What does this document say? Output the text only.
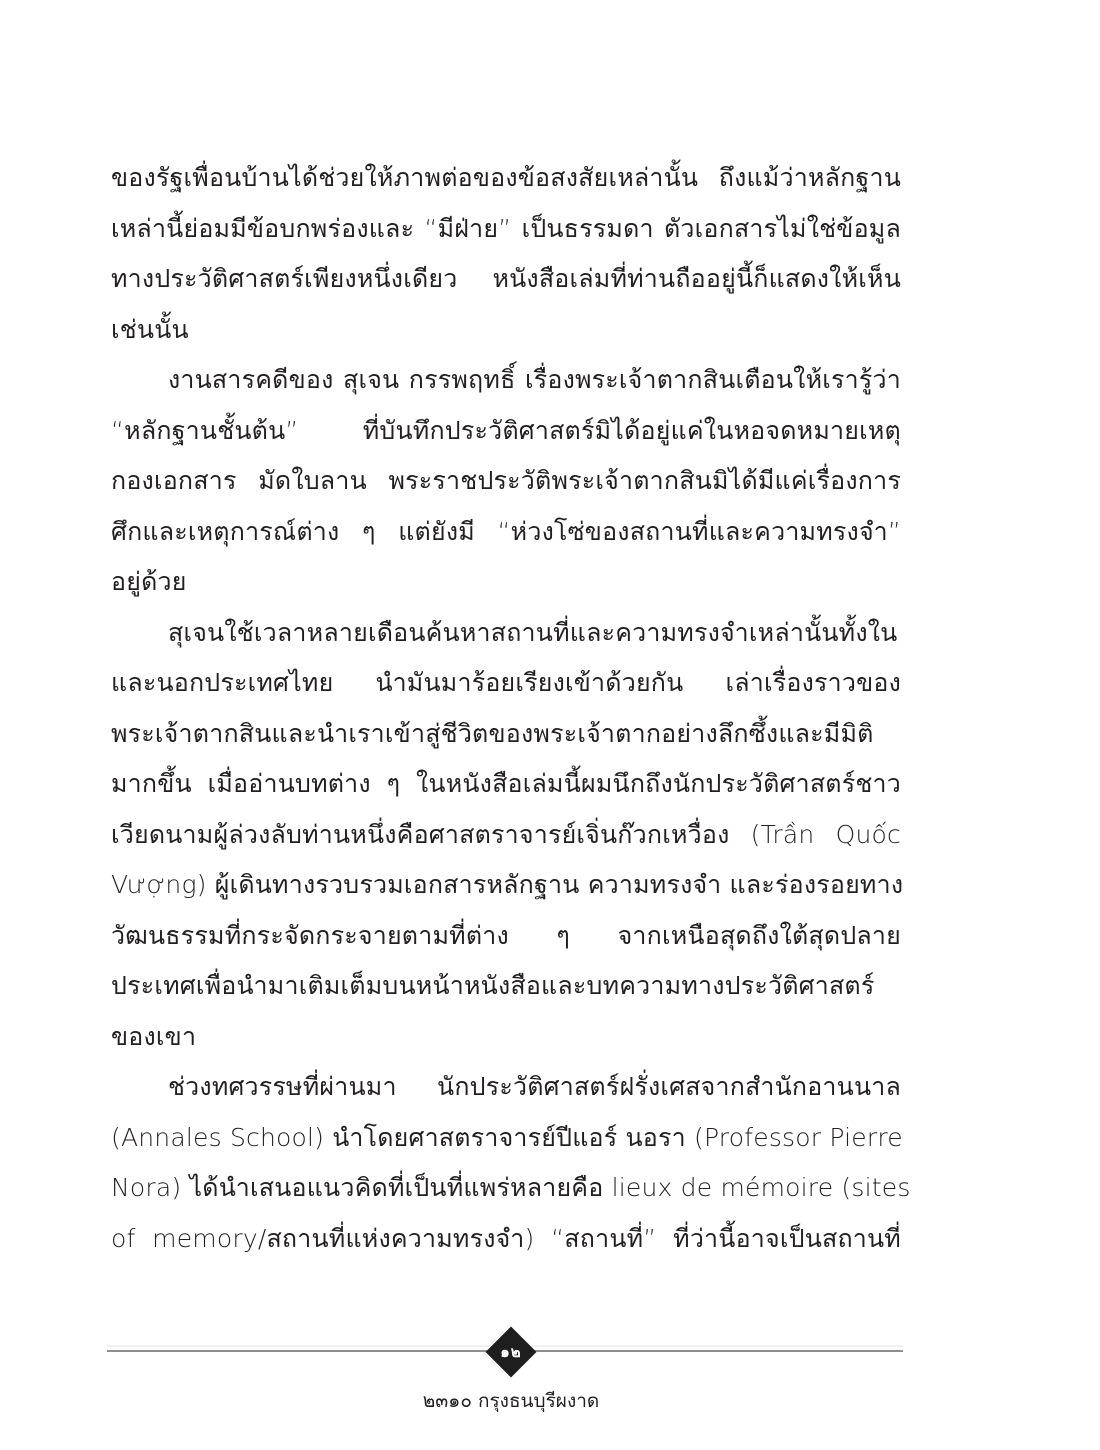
ของรัฐเพื่อนบ้านได้ช่วยให้ภาพต่อของข้อสงสัยเหล่านั้น ถึงแม้ว่าหลักฐาน
เหล่านี้ย่อมมีข้อบกพร่องและ “มีฝ่าย” เป็นธรรมดา ตัวเอกสารไม่ใช่ข้อมูล
ทางประวัติศาสตร์เพียงหนึ่งเดียว หนังสือเล่มที่ท่านถืออยู่นี้ก็แสดงให้เห็น
เช่นนั้น

งานสารคดีของ สุเจน กรรพฤทธิ์ เรื่องพระเจ้าตากสินเตือนให้เรารู้ว่า
“หลักฐานชั้นต้น” ที่บันทึกประวัติศาสตร์มิได้อยู่แค่ในหอจดหมายเหตุ
กองเอกสาร มัดใบลาน พระราชประวัติพระเจ้าตากสินมิได้มีแค่เรื่องการ
ศึกและเหตุการณ์ต่าง ๆ แต่ยังมี “ห่วงโซ่ของสถานที่และความทรงจำ”
อยู่ด้วย

สุเจนใช้เวลาหลายเดือนค้นหาสถานที่และความทรงจำเหล่านั้นทั้งใน
และนอกประเทศไทย นำมันมาร้อยเรียงเข้าด้วยกัน เล่าเรื่องราวของ
พระเจ้าตากสินและนำเราเข้าสู่ชีวิตของพระเจ้าตากอย่างลึกซึ้งและมีมิติ
มากขึ้น เมื่ออ่านบทต่าง ๆ ในหนังสือเล่มนี้ผมนึกถึงนักประวัติศาสตร์ชาว
เวียดนามผู้ล่วงลับท่านหนึ่งคือศาสตราจารย์เจิ่นก๊วกเหวื่อง (Trần Quốc
Vượng) ผู้เดินทางรวบรวมเอกสารหลักฐาน ความทรงจำ และร่องรอยทาง
วัฒนธรรมที่กระจัดกระจายตามที่ต่าง ๆ จากเหนือสุดถึงใต้สุดปลาย
ประเทศเพื่อนำมาเติมเต็มบนหน้าหนังสือและบทความทางประวัติศาสตร์
ของเขา

ช่วงทศวรรษที่ผ่านมา นักประวัติศาสตร์ฝรั่งเศสจากสำนักอานนาล
(Annales School) นำโดยศาสตราจารย์ปีแอร์ นอรา (Professor Pierre
Nora) ได้นำเสนอแนวคิดที่เป็นที่แพร่หลายคือ lieux de mémoire (sites
of memory/สถานที่แห่งความทรงจำ) “สถานที่” ที่ว่านี้อาจเป็นสถานที่

๑๒
๒๓๑๐ กรุงธนบุรีผงาด
